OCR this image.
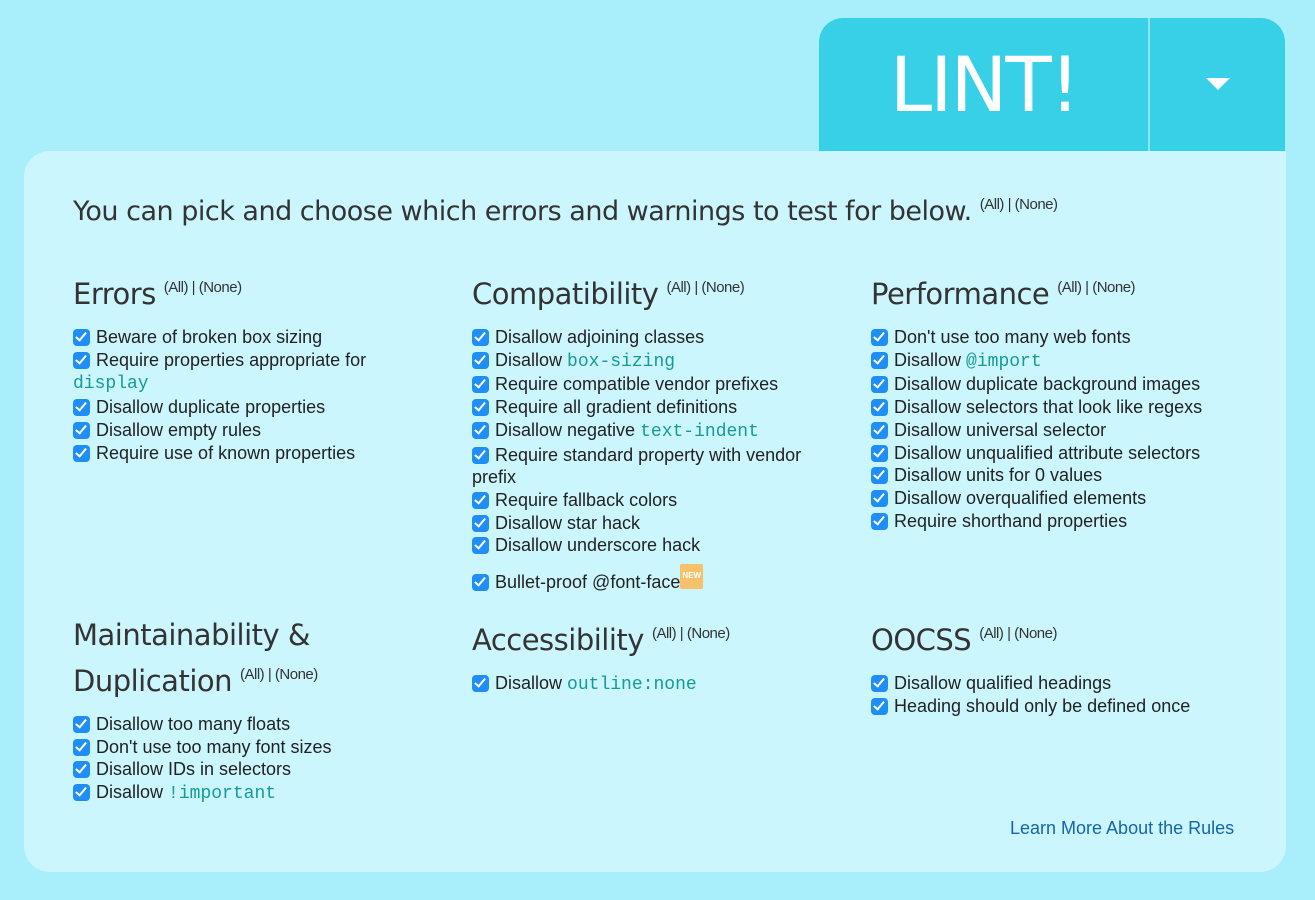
LINT!
You can pick and choose which errors and warnings to test for below. $^{(All) | (None)}$
Errors $^{(All) | (None)}$
Beware of broken box sizing
Require properties appropriate for
display
Disallow duplicate properties
Disallow empty rules
Require use of known properties
Compatibility $^{(All) | (None)}$
Disallow adjoining classes
Disallow box-sizing
Require compatible vendor prefixes
Require all gradient definitions
Disallow negative text-indent
Require standard property with vendor prefix
Require fallback colors
Disallow star hack
Disallow underscore hack
Bullet-proof @font-face NEW
Performance $^{(All) | (None)}$
Don't use too many web fonts
Disallow @import
Disallow duplicate background images
Disallow selectors that look like regexs
Disallow universal selector
Disallow unqualified attribute selectors
Disallow units for 0 values
Disallow overqualified elements
Require shorthand properties
Maintainability & Duplication $^{(All) | (None)}$
Disallow too many floats
Don't use too many font sizes
Disallow IDs in selectors
Disallow !important
Accessibility $^{(All) | (None)}$
Disallow outline:none
OOCSS $^{(All) | (None)}$
Disallow qualified headings
Heading should only be defined once
Learn More About the Rules
